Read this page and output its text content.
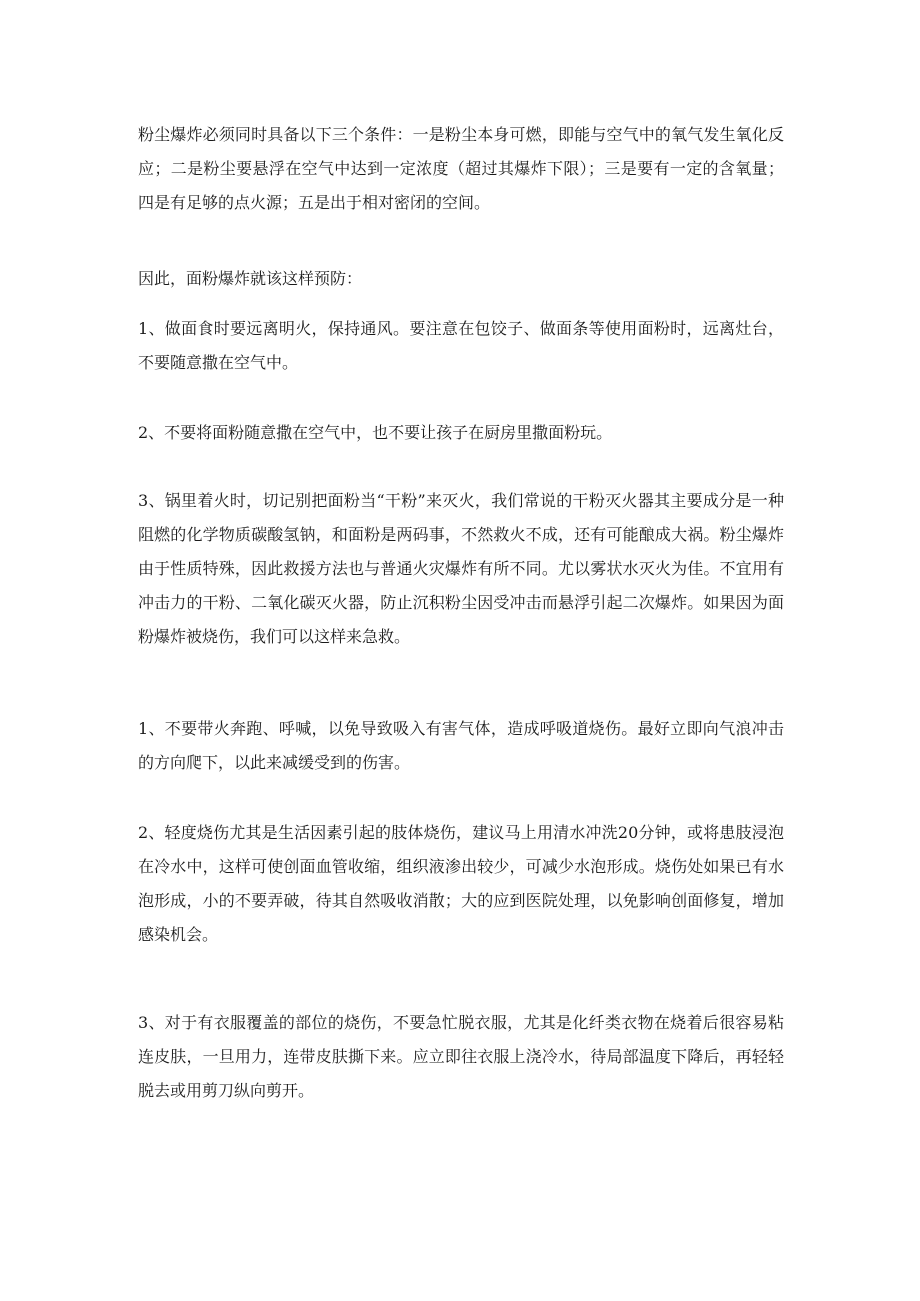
粉尘爆炸必须同时具备以下三个条件：一是粉尘本身可燃，即能与空气中的氧气发生氧化反应；二是粉尘要悬浮在空气中达到一定浓度（超过其爆炸下限）；三是要有一定的含氧量；四是有足够的点火源；五是出于相对密闭的空间。

因此，面粉爆炸就该这样预防：

1、做面食时要远离明火，保持通风。要注意在包饺子、做面条等使用面粉时，远离灶台，不要随意撒在空气中。

2、不要将面粉随意撒在空气中，也不要让孩子在厨房里撒面粉玩。

3、锅里着火时，切记别把面粉当“干粉”来灭火，我们常说的干粉灭火器其主要成分是一种阻燃的化学物质碳酸氢钠，和面粉是两码事，不然救火不成，还有可能酿成大祸。粉尘爆炸由于性质特殊，因此救援方法也与普通火灾爆炸有所不同。尤以雾状水灭火为佳。不宜用有冲击力的干粉、二氧化碳灭火器，防止沉积粉尘因受冲击而悬浮引起二次爆炸。如果因为面粉爆炸被烧伤，我们可以这样来急救。

1、不要带火奔跑、呼喊，以免导致吸入有害气体，造成呼吸道烧伤。最好立即向气浪冲击的方向爬下，以此来减缓受到的伤害。

2、轻度烧伤尤其是生活因素引起的肢体烧伤，建议马上用清水冲洗20分钟，或将患肢浸泡在冷水中，这样可使创面血管收缩，组织液渗出较少，可减少水泡形成。烧伤处如果已有水泡形成，小的不要弄破，待其自然吸收消散；大的应到医院处理，以免影响创面修复，增加感染机会。

3、对于有衣服覆盖的部位的烧伤，不要急忙脱衣服，尤其是化纤类衣物在烧着后很容易粘连皮肤，一旦用力，连带皮肤撕下来。应立即往衣服上浇冷水，待局部温度下降后，再轻轻脱去或用剪刀纵向剪开。
